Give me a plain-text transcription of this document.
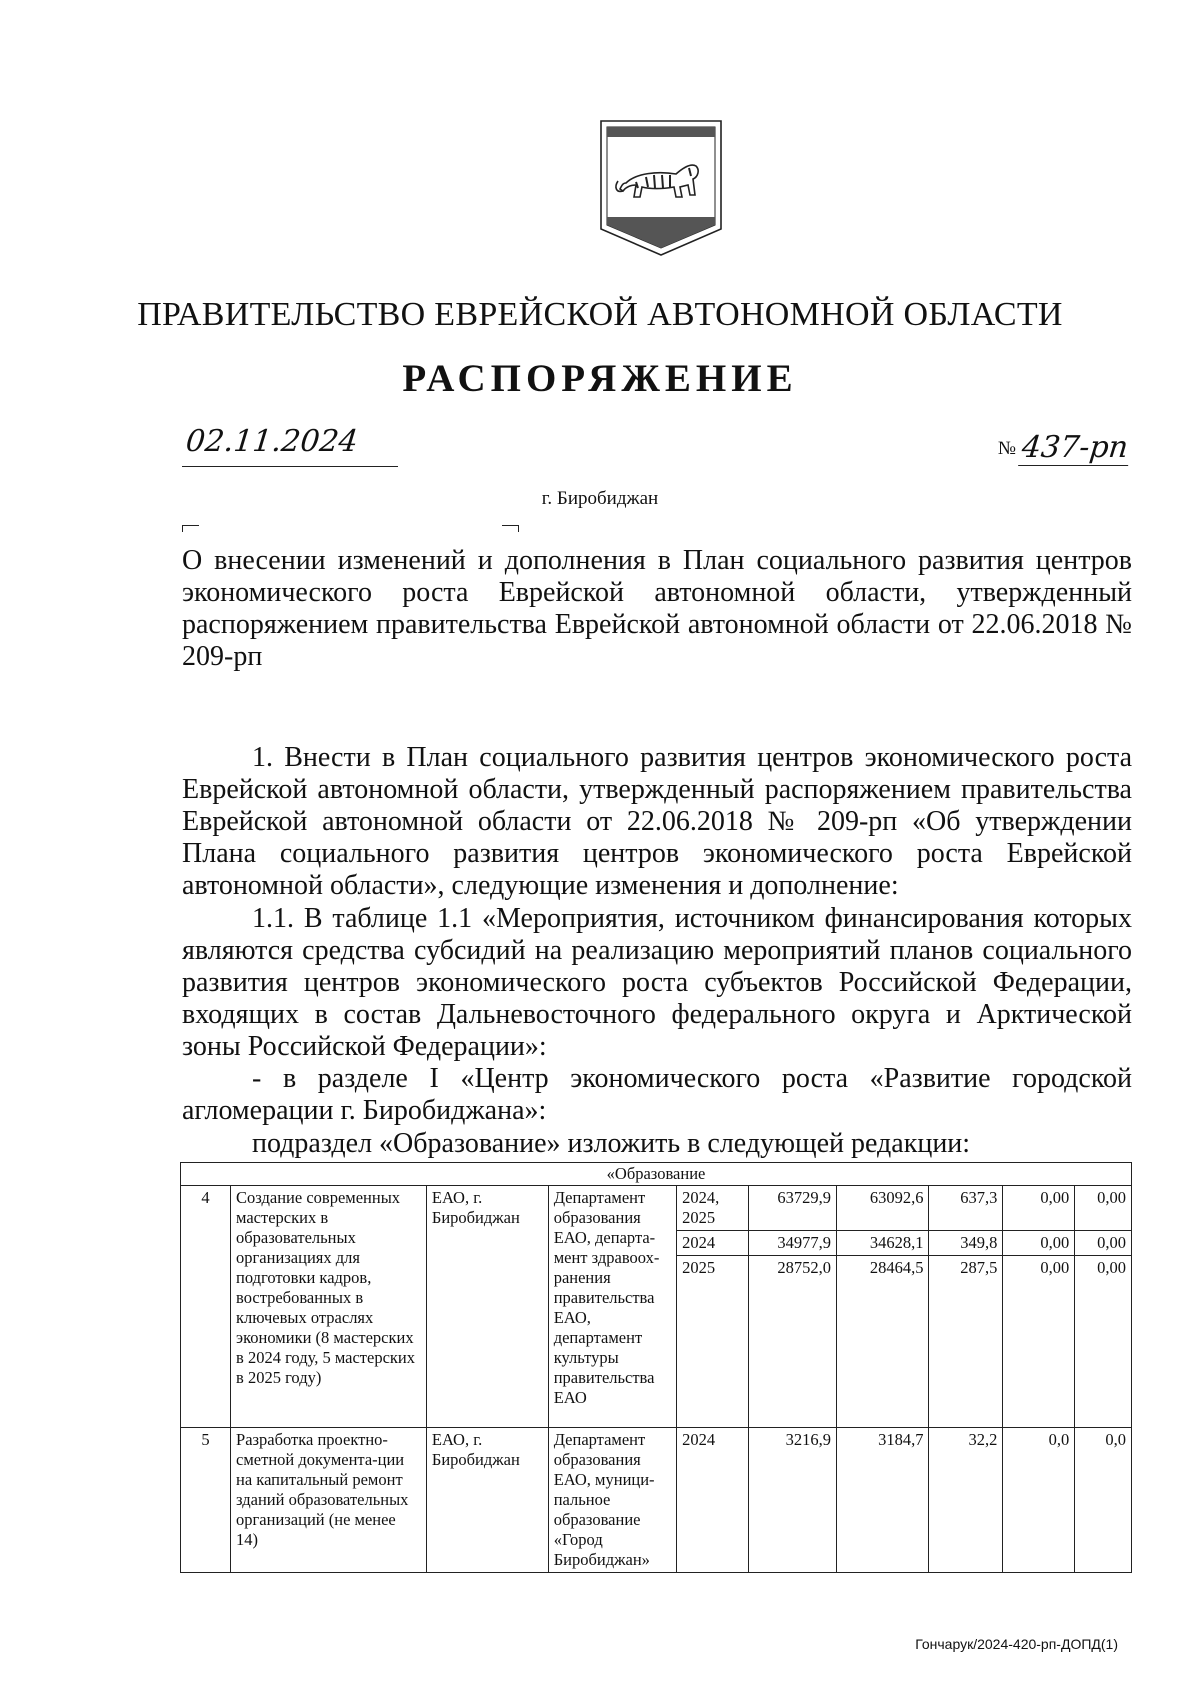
ПРАВИТЕЛЬСТВО ЕВРЕЙСКОЙ АВТОНОМНОЙ ОБЛАСТИ
РАСПОРЯЖЕНИЕ
02.11.2024	№ 437-рп
г. Биробиджан

О внесении изменений и дополнения в План социального развития центров экономического роста Еврейской автономной области, утвержденный распоряжением правительства Еврейской автономной области от 22.06.2018 № 209-рп

1. Внести в План социального развития центров экономического роста Еврейской автономной области, утвержденный распоряжением правительства Еврейской автономной области от 22.06.2018 № 209-рп «Об утверждении Плана социального развития центров экономического роста Еврейской автономной области», следующие изменения и дополнение:

1.1. В таблице 1.1 «Мероприятия, источником финансирования которых являются средства субсидий на реализацию мероприятий планов социального развития центров экономического роста субъектов Российской Федерации, входящих в состав Дальневосточного федерального округа и Арктической зоны Российской Федерации»:

- в разделе I «Центр экономического роста «Развитие городской агломерации г. Биробиджана»:

подраздел «Образование» изложить в следующей редакции:

«Образование									
4	Создание современных мастерских в образовательных организациях для подготовки кадров, востребованных в ключевых отраслях экономики (8 мастерских в 2024 году, 5 мастерских в 2025 году)	ЕАО, г. Биробиджан	Департамент образования ЕАО, департа-мент здравоох-ранения правительства ЕАО, департамент культуры правительства ЕАО	2024, 2025	63729,9	63092,6	637,3	0,00	0,00
				2024	34977,9	34628,1	349,8	0,00	0,00
				2025	28752,0	28464,5	287,5	0,00	0,00
5	Разработка проектно-сметной документа-ции на капитальный ремонт зданий образовательных организаций (не менее 14)	ЕАО, г. Биробиджан	Департамент образования ЕАО, муници-пальное образование «Город Биробиджан»	2024	3216,9	3184,7	32,2	0,0	0,0
Гончарук/2024-420-рп-ДОПД(1)
